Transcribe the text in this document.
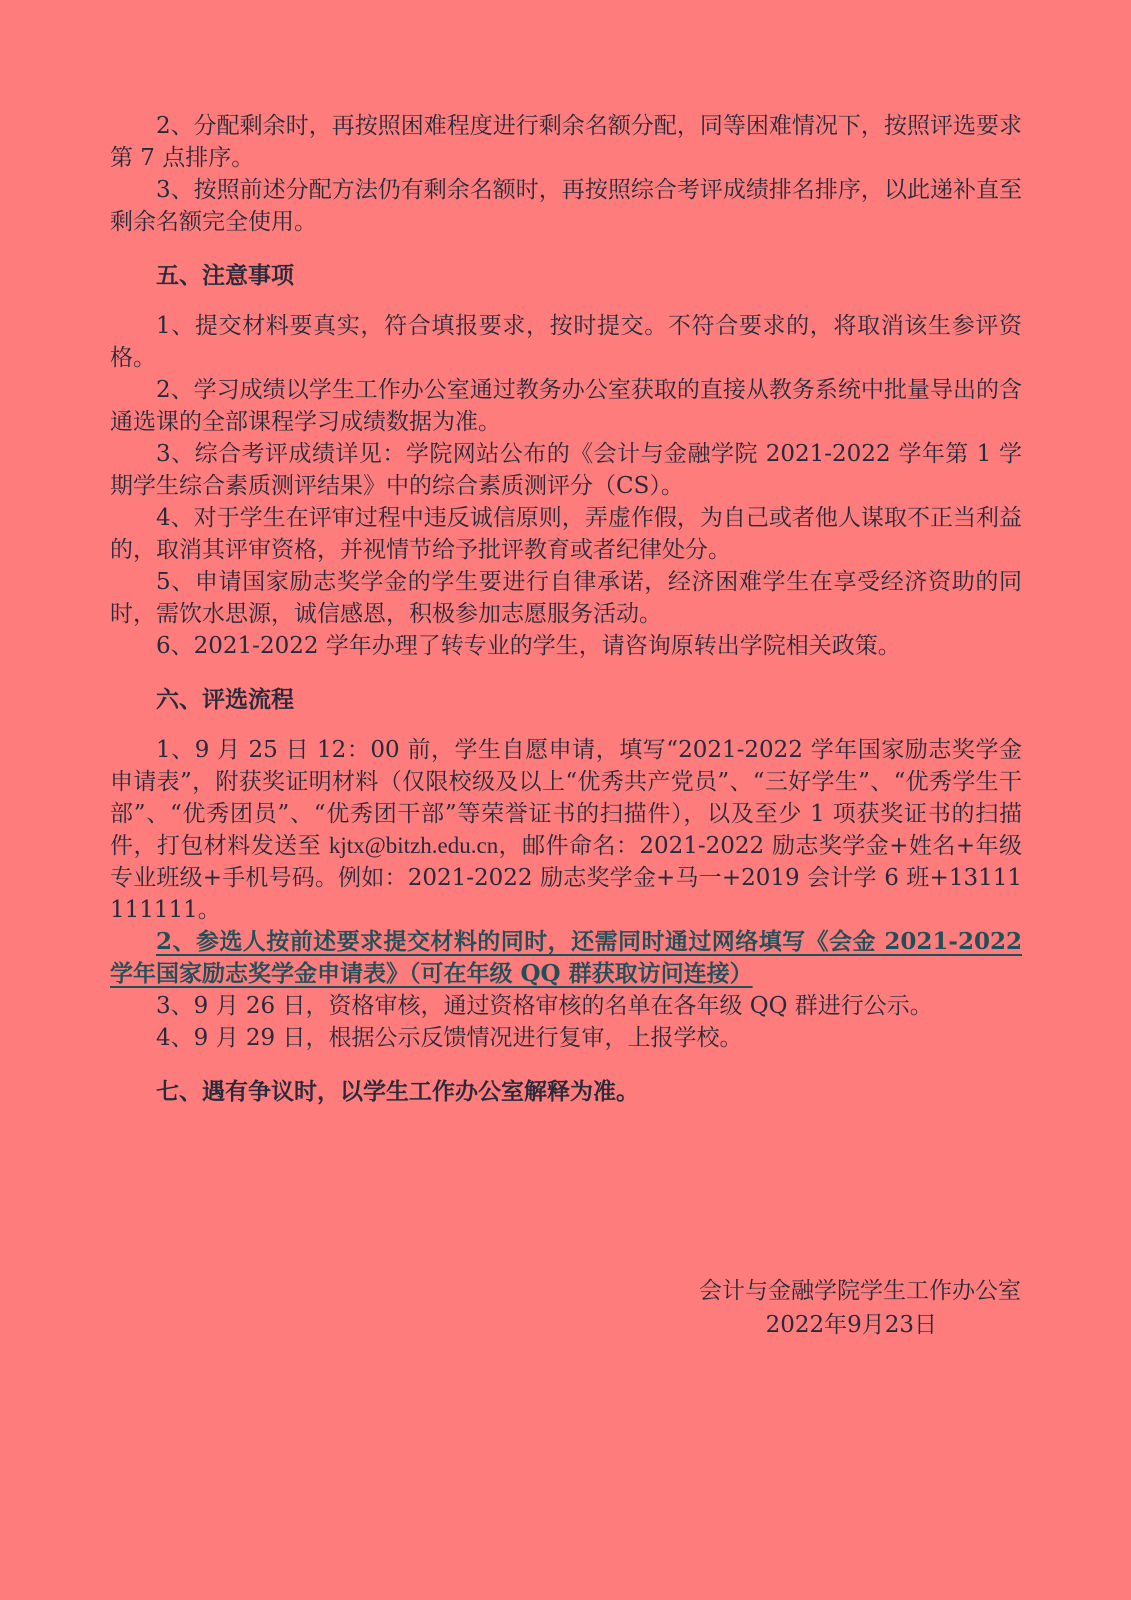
2、分配剩余时，再按照困难程度进行剩余名额分配，同等困难情况下，按照评选要求第 7 点排序。

3、按照前述分配方法仍有剩余名额时，再按照综合考评成绩排名排序，以此递补直至剩余名额完全使用。

五、注意事项

1、提交材料要真实，符合填报要求，按时提交。不符合要求的，将取消该生参评资格。

2、学习成绩以学生工作办公室通过教务办公室获取的直接从教务系统中批量导出的含通选课的全部课程学习成绩数据为准。

3、综合考评成绩详见：学院网站公布的《会计与金融学院 2021-2022 学年第 1 学期学生综合素质测评结果》中的综合素质测评分（CS）。

4、对于学生在评审过程中违反诚信原则，弄虚作假，为自己或者他人谋取不正当利益的，取消其评审资格，并视情节给予批评教育或者纪律处分。

5、申请国家励志奖学金的学生要进行自律承诺，经济困难学生在享受经济资助的同时，需饮水思源，诚信感恩，积极参加志愿服务活动。

6、2021-2022 学年办理了转专业的学生，请咨询原转出学院相关政策。

六、评选流程

1、9 月 25 日 12：00 前，学生自愿申请，填写“2021-2022 学年国家励志奖学金申请表”，附获奖证明材料（仅限校级及以上“优秀共产党员”、“三好学生”、“优秀学生干部”、“优秀团员”、“优秀团干部”等荣誉证书的扫描件），以及至少 1 项获奖证书的扫描件，打包材料发送至 kjtx@bitzh.edu.cn，邮件命名：2021-2022 励志奖学金+姓名+年级专业班级+手机号码。例如：2021-2022 励志奖学金+马一+2019 会计学 6 班+13111111111。

2、参选人按前述要求提交材料的同时，还需同时通过网络填写《会金 2021-2022 学年国家励志奖学金申请表》（可在年级 QQ 群获取访问连接）

3、9 月 26 日，资格审核，通过资格审核的名单在各年级 QQ 群进行公示。

4、9 月 29 日，根据公示反馈情况进行复审，上报学校。

七、遇有争议时，以学生工作办公室解释为准。
会计与金融学院学生工作办公室
2022年9月23日
